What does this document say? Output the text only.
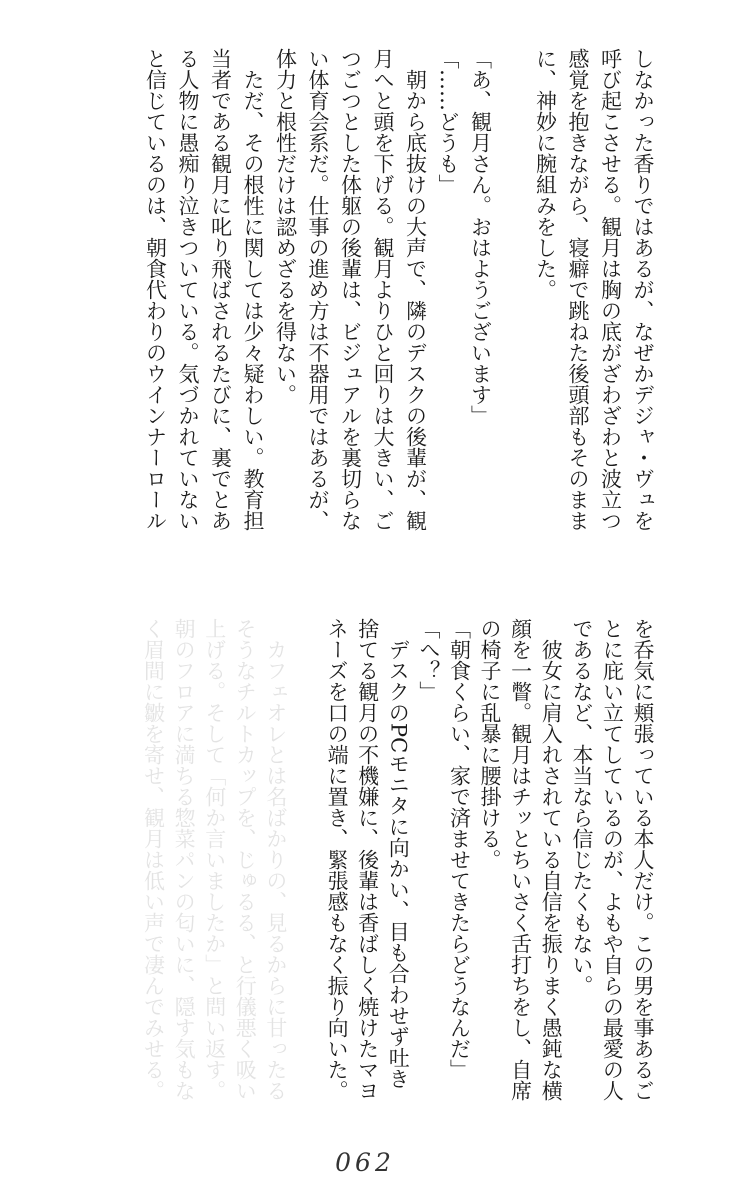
しなかった香りではあるが、なぜかデジャ・ヴュを
呼び起こさせる。観月は胸の底がざわざわと波立つ
感覚を抱きながら、寝癖で跳ねた後頭部もそのまま
に、神妙に腕組みをした。
「あ、観月さん。おはようございます」
「……どうも」
　朝から底抜けの大声で、隣のデスクの後輩が、観
月へと頭を下げる。観月よりひと回りは大きい、ご
つごつとした体躯の後輩は、ビジュアルを裏切らな
い体育会系だ。仕事の進め方は不器用ではあるが、
体力と根性だけは認めざるを得ない。
　ただ、その根性に関しては少々疑わしい。教育担
当者である観月に叱り飛ばされるたびに、裏でとあ
る人物に愚痴り泣きついている。気づかれていない
と信じているのは、朝食代わりのウインナーロール
を呑気に頬張っている本人だけ。この男を事あるご
とに庇い立てしているのが、よもや自らの最愛の人
であるなど、本当なら信じたくもない。
　彼女に肩入れされている自信を振りまく愚鈍な横
顔を一瞥。観月はチッとちいさく舌打ちをし、自席
の椅子に乱暴に腰掛ける。
「朝食くらい、家で済ませてきたらどうなんだ」
「へ？」
　デスクのPCモニタに向かい、目も合わせず吐き
捨てる観月の不機嫌に、後輩は香ばしく焼けたマヨ
ネーズを口の端に置き、緊張感もなく振り向いた。
　カフェオレとは名ばかりの、見るからに甘ったる
そうなチルトカップを、じゅるる、と行儀悪く吸い
上げる。そして「何か言いましたか」と問い返す。
朝のフロアに満ちる惣菜パンの匂いに、隠す気もな
く眉間に皺を寄せ、観月は低い声で凄んでみせる。
062
